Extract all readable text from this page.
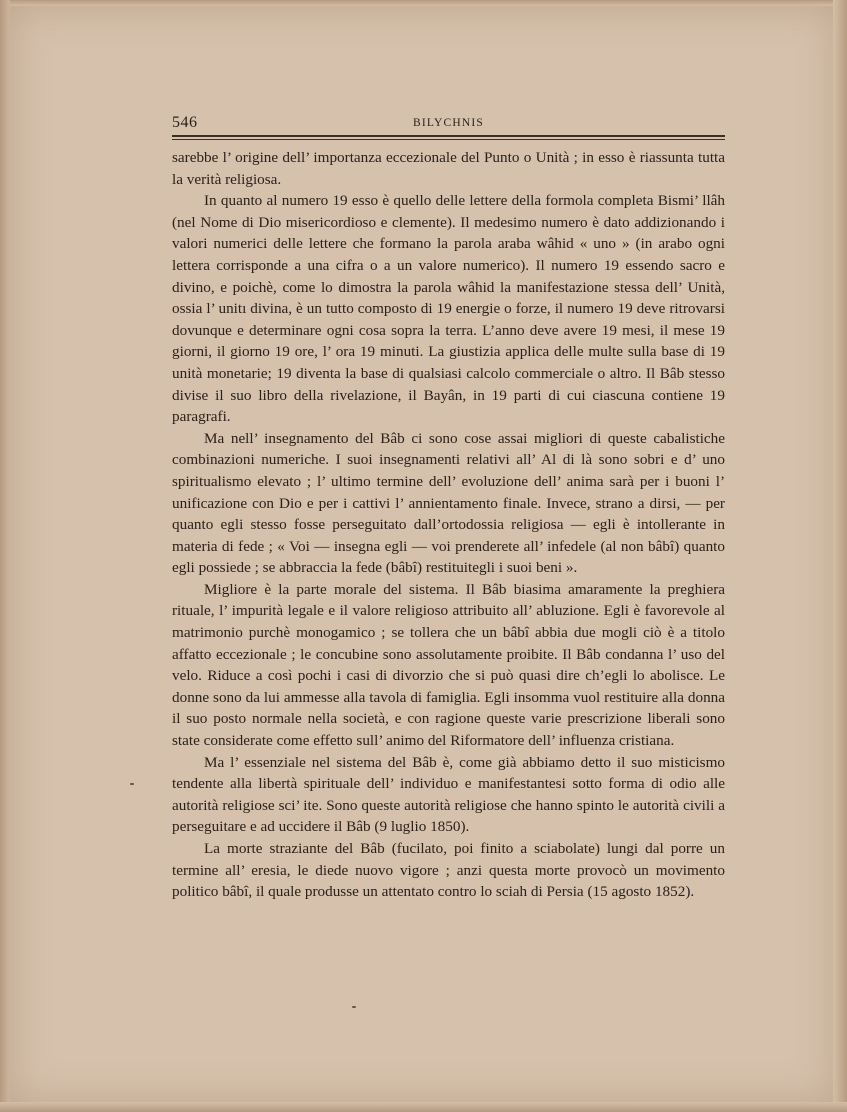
546	BILYCHNIS

sarebbe l’ origine dell’ importanza eccezionale del Punto o Unità ; in esso è riassunta tutta la verità religiosa.

In quanto al numero 19 esso è quello delle lettere della formola completa Bismi’ llâh (nel Nome di Dio misericordioso e clemente). Il medesimo numero è dato addizionando i valori numerici delle lettere che formano la parola araba wâhid « uno » (in arabo ogni lettera corrisponde a una cifra o a un valore numerico). Il numero 19 essendo sacro e divino, e poichè, come lo dimostra la parola wâhid la manifestazione stessa dell’ Unità, ossia l’ unitı divina, è un tutto composto di 19 energie o forze, il numero 19 deve ritrovarsi dovunque e determinare ogni cosa sopra la terra. L’anno deve avere 19 mesi, il mese 19 giorni, il giorno 19 ore, l’ ora 19 minuti. La giustizia applica delle multe sulla base di 19 unità monetarie; 19 diventa la base di qualsiasi calcolo commerciale o altro. Il Bâb stesso divise il suo libro della rivelazione, il Bayân, in 19 parti di cui ciascuna contiene 19 paragrafi.

Ma nell’ insegnamento del Bâb ci sono cose assai migliori di queste cabalistiche combinazioni numeriche. I suoi insegnamenti relativi all’ Al di là sono sobri e d’ uno spiritualismo elevato ; l’ ultimo termine dell’ evoluzione dell’ anima sarà per i buoni l’ unificazione con Dio e per i cattivi l’ annientamento finale. Invece, strano a dirsi, — per quanto egli stesso fosse perseguitato dall’ortodossia religiosa — egli è intollerante in materia di fede ; « Voi — insegna egli — voi prenderete all’ infedele (al non bâbî) quanto egli possiede ; se abbraccia la fede (bâbî) restituitegli i suoi beni ».

Migliore è la parte morale del sistema. Il Bâb biasima amaramente la preghiera rituale, l’ impurità legale e il valore religioso attribuito all’ abluzione. Egli è favorevole al matrimonio purchè monogamico ; se tollera che un bâbî abbia due mogli ciò è a titolo affatto eccezionale ; le concubine sono assolutamente proibite. Il Bâb condanna l’ uso del velo. Riduce a così pochi i casi di divorzio che si può quasi dire ch’egli lo abolisce. Le donne sono da lui ammesse alla tavola di famiglia. Egli insomma vuol restituire alla donna il suo posto normale nella società, e con ragione queste varie prescrizione liberali sono state considerate come effetto sull’ animo del Riformatore dell’ influenza cristiana.

Ma l’ essenziale nel sistema del Bâb è, come già abbiamo detto il suo misticismo tendente alla libertà spirituale dell’ individuo e manifestantesi sotto forma di odio alle autorità religiose sci’ ite. Sono queste autorità religiose che hanno spinto le autorità civili a perseguitare e ad uccidere il Bâb (9 luglio 1850).

La morte straziante del Bâb (fucilato, poi finito a sciabolate) lungi dal porre un termine all’ eresia, le diede nuovo vigore ; anzi questa morte provocò un movimento politico bâbî, il quale produsse un attentato contro lo sciah di Persia (15 agosto 1852).
